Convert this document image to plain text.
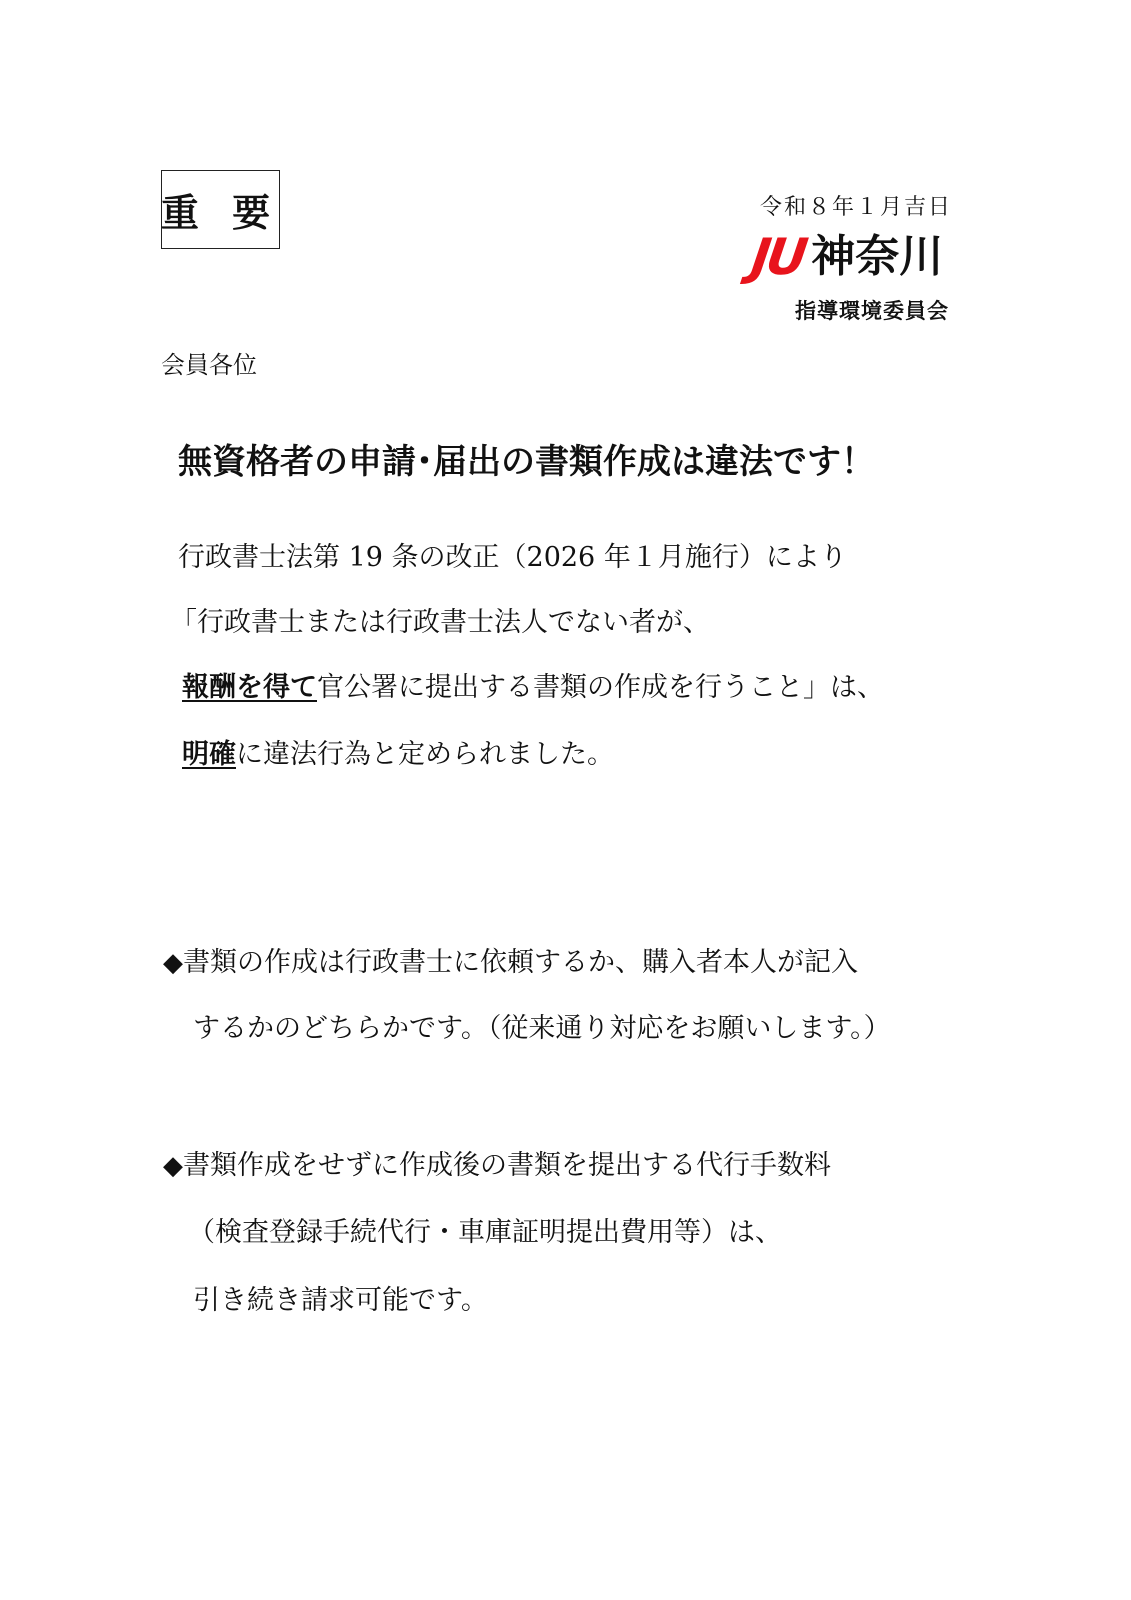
重 要	令和８年１月吉日
JU 神奈川
指導環境委員会
会員各位
無資格者の申請･届出の書類作成は違法です！
行政書士法第 19 条の改正（2026 年１月施行）により
「行政書士または行政書士法人でない者が、
報酬を得て官公署に提出する書類の作成を行うこと」は、
明確に違法行為と定められました。
◆書類の作成は行政書士に依頼するか、購入者本人が記入
するかのどちらかです。（従来通り対応をお願いします。）
◆書類作成をせずに作成後の書類を提出する代行手数料
（検査登録手続代行・車庫証明提出費用等）は、
引き続き請求可能です。
